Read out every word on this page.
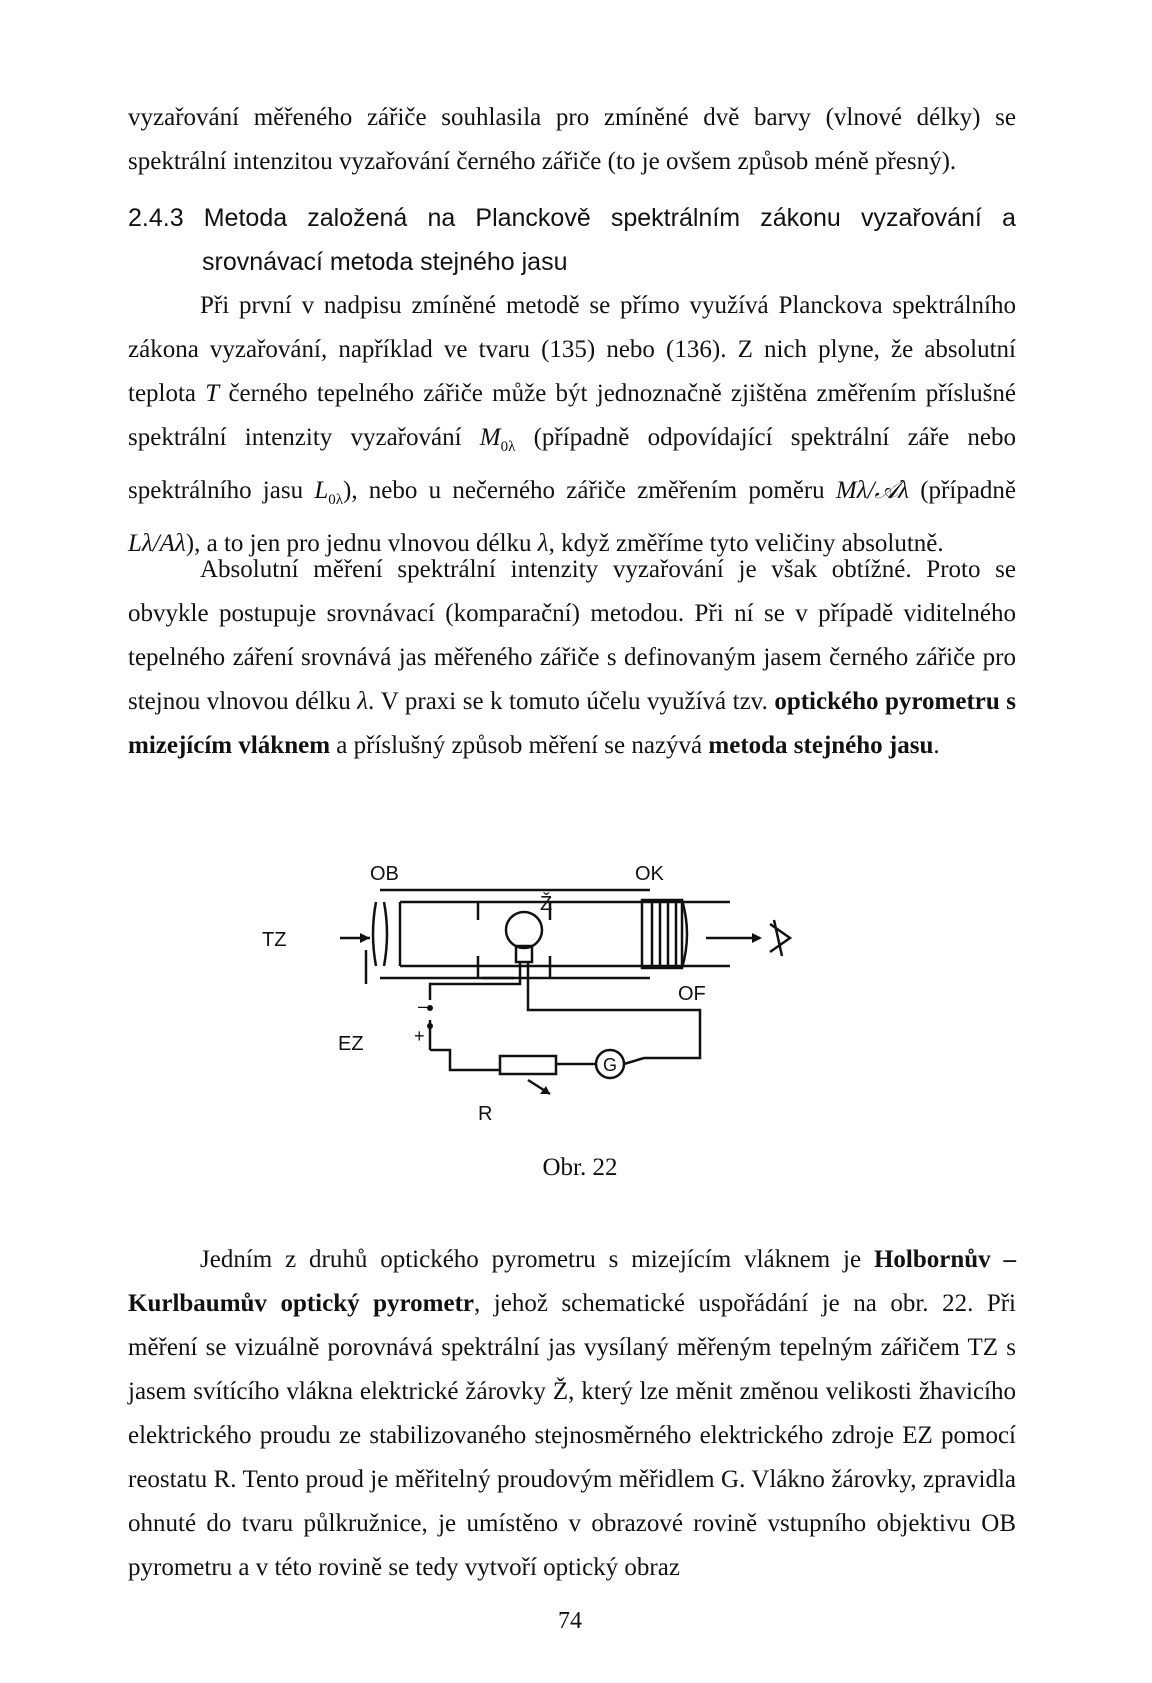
vyzařování měřeného zářiče souhlasila pro zmíněné dvě barvy (vlnové délky) se spektrální intenzitou vyzařování černého zářiče (to je ovšem způsob méně přesný).

2.4.3 Metoda založená na Planckově spektrálním zákonu vyzařování a
srovnávací metoda stejného jasu

Při první v nadpisu zmíněné metodě se přímo využívá Planckova spektrálního zákona vyzařování, například ve tvaru (135) nebo (136). Z nich plyne, že absolutní teplota T černého tepelného zářiče může být jednoznačně zjištěna změřením příslušné spektrální intenzity vyzařování $M_{0\lambda}$ (případně odpovídající spektrální záře nebo spektrálního jasu $L_{0\lambda}$), nebo u nečerného zářiče změřením poměru Mλ/𝒜λ (případně Lλ/Aλ), a to jen pro jednu vlnovou délku λ, když změříme tyto veličiny absolutně.

Absolutní měření spektrální intenzity vyzařování je však obtížné. Proto se obvykle postupuje srovnávací (komparační) metodou. Při ní se v případě viditelného tepelného záření srovnává jas měřeného zářiče s definovaným jasem černého zářiče pro stejnou vlnovou délku λ. V praxi se k tomuto účelu využívá tzv. optického pyrometru s mizejícím vláknem a příslušný způsob měření se nazývá metoda stejného jasu.

OB	OK
TZ
Ž
OF
EZ
–
+
R
G
Obr. 22

Jedním z druhů optického pyrometru s mizejícím vláknem je Holbornův – Kurlbaumův optický pyrometr, jehož schematické uspořádání je na obr. 22. Při měření se vizuálně porovnává spektrální jas vysílaný měřeným tepelným zářičem TZ s jasem svítícího vlákna elektrické žárovky Ž, který lze měnit změnou velikosti žhavicího elektrického proudu ze stabilizovaného stejnosměrného elektrického zdroje EZ pomocí reostatu R. Tento proud je měřitelný proudovým měřidlem G. Vlákno žárovky, zpravidla ohnuté do tvaru půlkružnice, je umístěno v obrazové rovině vstupního objektivu OB pyrometru a v této rovině se tedy vytvoří optický obraz

74
